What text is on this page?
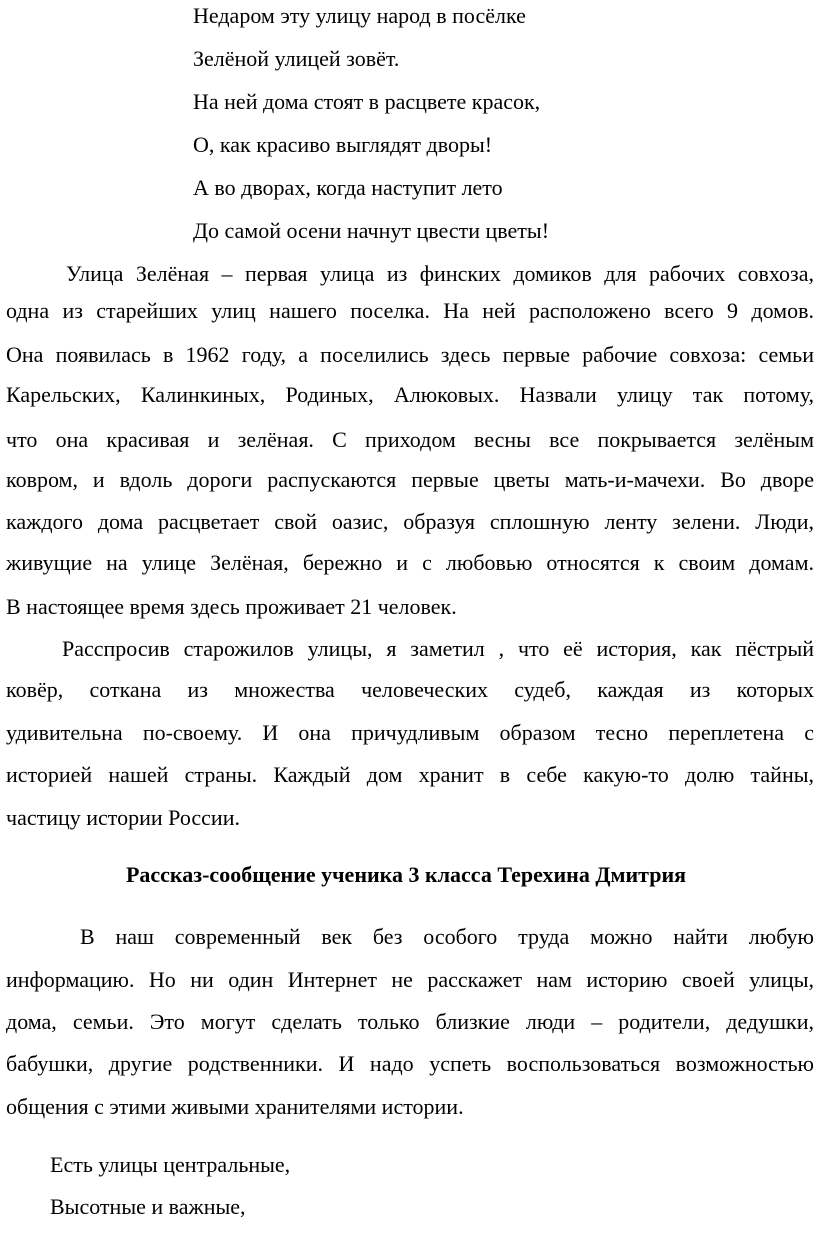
Недаром эту улицу народ в посёлке
Зелёной улицей зовёт.
На ней дома стоят в расцвете красок,
О, как красиво выглядят дворы!
А во дворах, когда наступит лето
До самой осени начнут цвести цветы!
Улица Зелёная – первая улица из финских домиков для рабочих совхоза,
одна из старейших улиц нашего поселка. На ней расположено всего 9 домов.
Она появилась в 1962 году, а поселились здесь первые рабочие совхоза: семьи
Карельских, Калинкиных, Родиных, Алюковых. Назвали улицу так потому,
что она красивая и зелёная. С приходом весны все покрывается зелёным
ковром, и вдоль дороги распускаются первые цветы мать-и-мачехи. Во дворе
каждого дома расцветает свой оазис, образуя сплошную ленту зелени. Люди,
живущие на улице Зелёная, бережно и с любовью относятся к своим домам.
В настоящее время здесь проживает 21 человек.
Расспросив старожилов улицы, я заметил , что её история, как пёстрый
ковёр, соткана из множества человеческих судеб, каждая из которых
удивительна по-своему. И она причудливым образом тесно переплетена с
историей нашей страны. Каждый дом хранит в себе какую-то долю тайны,
частицу истории России.
Рассказ-сообщение ученика 3 класса Терехина Дмитрия
В наш современный век без особого труда можно найти любую
информацию. Но ни один Интернет не расскажет нам историю своей улицы,
дома, семьи. Это могут сделать только близкие люди – родители, дедушки,
бабушки, другие родственники. И надо успеть воспользоваться возможностью
общения с этими живыми хранителями истории.
Есть улицы центральные,
Высотные и важные,
